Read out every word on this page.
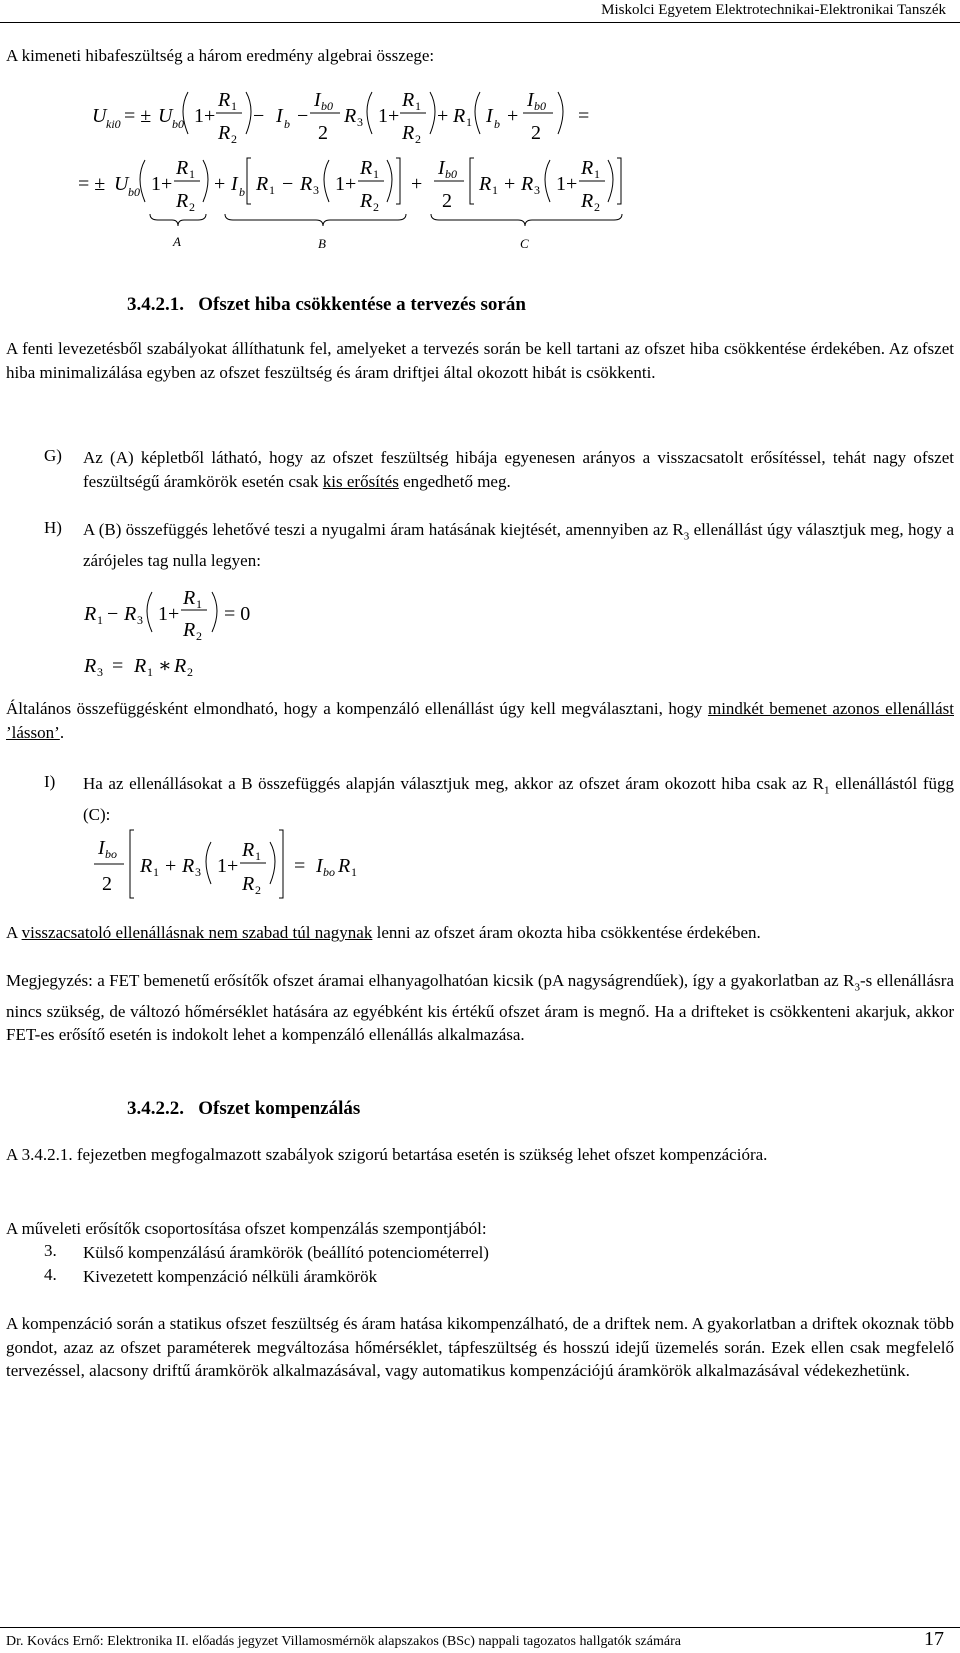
Miskolci Egyetem Elektrotechnikai-Elektronikai Tanszék
A kimeneti hibafeszültség a három eredmény algebrai összege:
U ki0 = ± U b0 1+
R 1
R 2
− I b −
I b0
2
R 3 1+
R 1
R 2
+ R 1 I b +
I b0
2
=
= ± U b0 1+
R 1
R 2
+ I b R 1 − R 3 1+
R 1
R 2
+
I b0
2
R 1 + R 3 1+
R 1
R 2
A	B	C
3.4.2.1. Ofszet hiba csökkentése a tervezés során
A fenti levezetésből szabályokat állíthatunk fel, amelyeket a tervezés során be kell tartani az ofszet hiba csökkentése érdekében. Az ofszet hiba minimalizálása egyben az ofszet feszültség és áram driftjei által okozott hibát is csökkenti.
G) Az (A) képletből látható, hogy az ofszet feszültség hibája egyenesen arányos a visszacsatolt erősítéssel, tehát nagy ofszet feszültségű áramkörök esetén csak kis erősítés engedhető meg.
H) A (B) összefüggés lehetővé teszi a nyugalmi áram hatásának kiejtését, amennyiben az $R_3$ ellenállást úgy választjuk meg, hogy a zárójeles tag nulla legyen:
R 1 − R 3 1+
R 1
R 2
= 0
R 3 = R 1 ∗ R 2
Általános összefüggésként elmondható, hogy a kompenzáló ellenállást úgy kell megválasztani, hogy mindkét bemenet azonos ellenállást ’lásson’.
I) Ha az ellenállásokat a B összefüggés alapján választjuk meg, akkor az ofszet áram okozott hiba csak az $R_1$ ellenállástól függ (C):
I bo
2
R 1 + R 3 1+
R 1
R 2
= I bo R 1
A visszacsatoló ellenállásnak nem szabad túl nagynak lenni az ofszet áram okozta hiba csökkentése érdekében.
Megjegyzés: a FET bemenetű erősítők ofszet áramai elhanyagolhatóan kicsik (pA nagyságrendűek), így a gyakorlatban az $R_3-s$ ellenállásra nincs szükség, de változó hőmérséklet hatására az egyébként kis értékű ofszet áram is megnő. Ha a drifteket is csökkenteni akarjuk, akkor FET-es erősítő esetén is indokolt lehet a kompenzáló ellenállás alkalmazása.
3.4.2.2. Ofszet kompenzálás
A 3.4.2.1. fejezetben megfogalmazott szabályok szigorú betartása esetén is szükség lehet ofszet kompenzációra.
A műveleti erősítők csoportosítása ofszet kompenzálás szempontjából:
3. Külső kompenzálású áramkörök (beállító potenciométerrel)
4. Kivezetett kompenzáció nélküli áramkörök
A kompenzáció során a statikus ofszet feszültség és áram hatása kikompenzálható, de a driftek nem. A gyakorlatban a driftek okoznak több gondot, azaz az ofszet paraméterek megváltozása hőmérséklet, tápfeszültség és hosszú idejű üzemelés során. Ezek ellen csak megfelelő tervezéssel, alacsony driftű áramkörök alkalmazásával, vagy automatikus kompenzációjú áramkörök alkalmazásával védekezhetünk.
Dr. Kovács Ernő: Elektronika II. előadás jegyzet Villamosmérnök alapszakos (BSc) nappali tagozatos hallgatók számára	17
